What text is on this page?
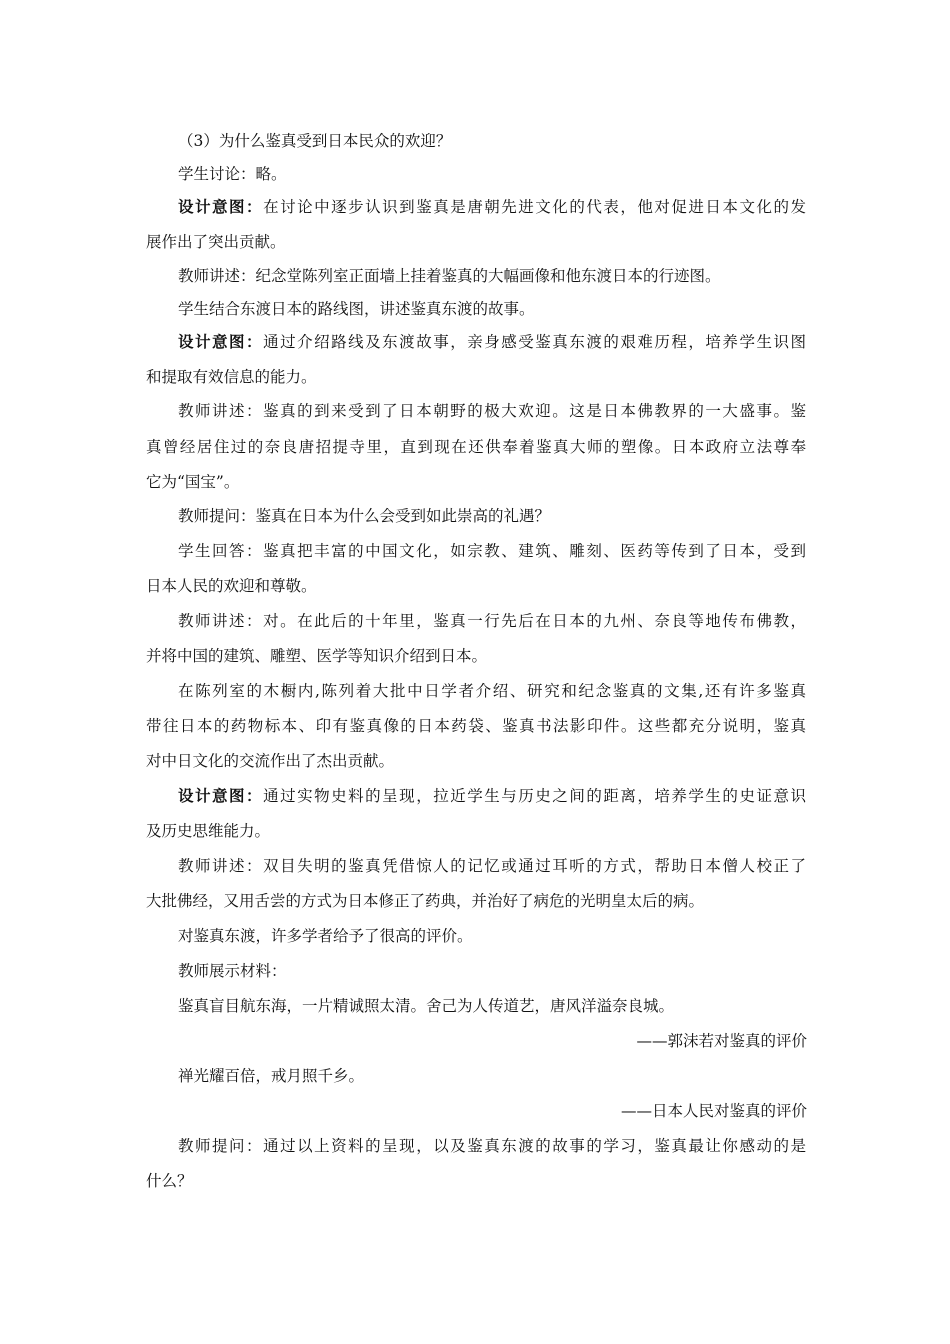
（3）为什么鉴真受到日本民众的欢迎？
学生讨论：略。
设计意图：在讨论中逐步认识到鉴真是唐朝先进文化的代表，他对促进日本文化的发
展作出了突出贡献。
教师讲述：纪念堂陈列室正面墙上挂着鉴真的大幅画像和他东渡日本的行迹图。
学生结合东渡日本的路线图，讲述鉴真东渡的故事。
设计意图：通过介绍路线及东渡故事，亲身感受鉴真东渡的艰难历程，培养学生识图
和提取有效信息的能力。
教师讲述：鉴真的到来受到了日本朝野的极大欢迎。这是日本佛教界的一大盛事。鉴
真曾经居住过的奈良唐招提寺里，直到现在还供奉着鉴真大师的塑像。日本政府立法尊奉
它为“国宝”。
教师提问：鉴真在日本为什么会受到如此崇高的礼遇？
学生回答：鉴真把丰富的中国文化，如宗教、建筑、雕刻、医药等传到了日本，受到
日本人民的欢迎和尊敬。
教师讲述：对。在此后的十年里，鉴真一行先后在日本的九州、奈良等地传布佛教，
并将中国的建筑、雕塑、医学等知识介绍到日本。
在陈列室的木橱内,陈列着大批中日学者介绍、研究和纪念鉴真的文集,还有许多鉴真
带往日本的药物标本、印有鉴真像的日本药袋、鉴真书法影印件。这些都充分说明，鉴真
对中日文化的交流作出了杰出贡献。
设计意图：通过实物史料的呈现，拉近学生与历史之间的距离，培养学生的史证意识
及历史思维能力。
教师讲述：双目失明的鉴真凭借惊人的记忆或通过耳听的方式，帮助日本僧人校正了
大批佛经，又用舌尝的方式为日本修正了药典，并治好了病危的光明皇太后的病。
对鉴真东渡，许多学者给予了很高的评价。
教师展示材料：
鉴真盲目航东海，一片精诚照太清。舍己为人传道艺，唐风洋溢奈良城。
——郭沫若对鉴真的评价
禅光耀百倍，戒月照千乡。
——日本人民对鉴真的评价
教师提问：通过以上资料的呈现，以及鉴真东渡的故事的学习，鉴真最让你感动的是
什么？
